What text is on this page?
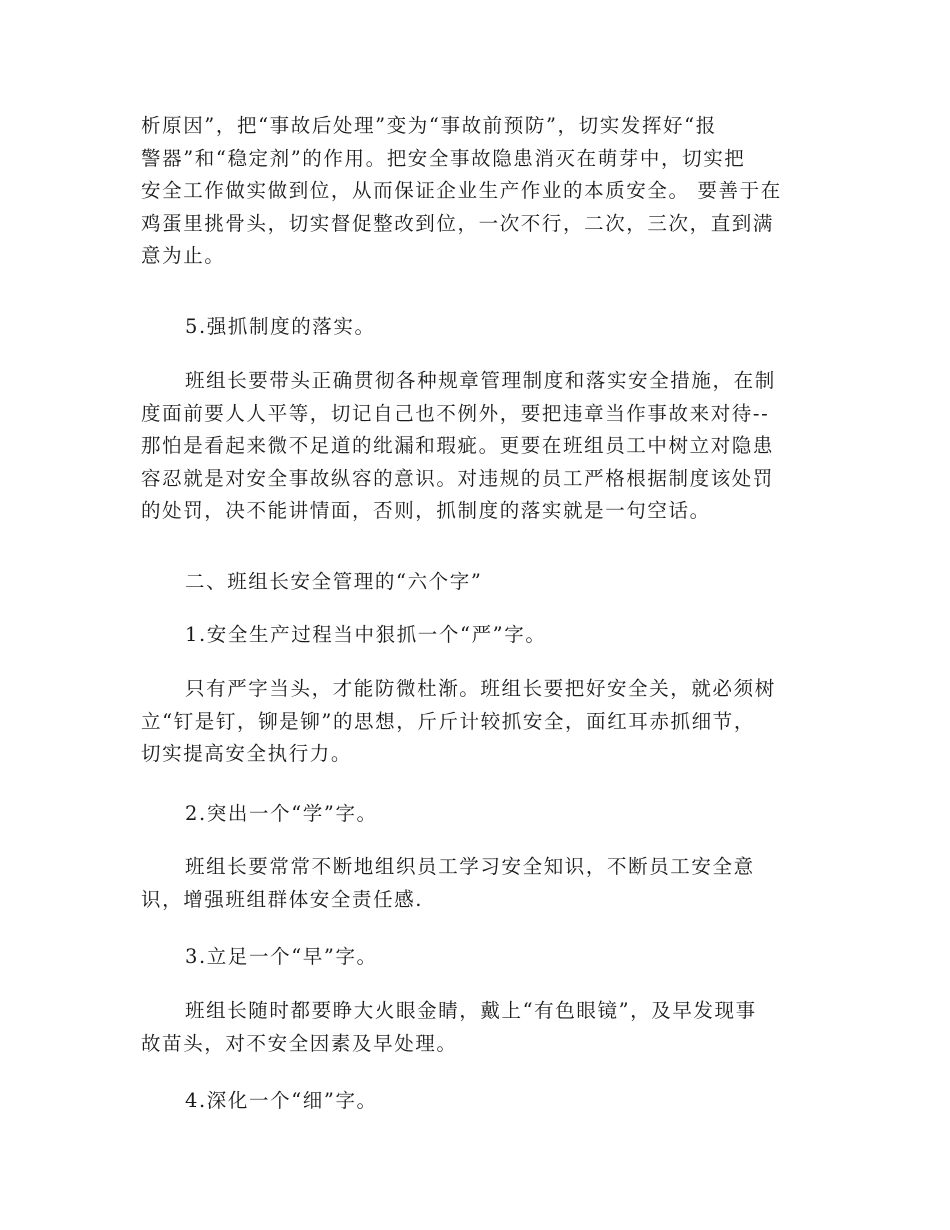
析原因”，把“事故后处理”变为“事故前预防”，切实发挥好“报
警器”和“稳定剂”的作用。把安全事故隐患消灭在萌芽中，切实把
安全工作做实做到位，从而保证企业生产作业的本质安全。 要善于在
鸡蛋里挑骨头，切实督促整改到位，一次不行，二次，三次，直到满
意为止。

5.强抓制度的落实。

班组长要带头正确贯彻各种规章管理制度和落实安全措施，在制
度面前要人人平等，切记自己也不例外，要把违章当作事故来对待--
那怕是看起来微不足道的纰漏和瑕疵。更要在班组员工中树立对隐患
容忍就是对安全事故纵容的意识。对违规的员工严格根据制度该处罚
的处罚，决不能讲情面，否则，抓制度的落实就是一句空话。

二、班组长安全管理的“六个字”

1.安全生产过程当中狠抓一个“严”字。

只有严字当头，才能防微杜渐。班组长要把好安全关，就必须树
立“钉是钉，铆是铆”的思想，斤斤计较抓安全，面红耳赤抓细节，
切实提高安全执行力。

2.突出一个“学”字。

班组长要常常不断地组织员工学习安全知识，不断员工安全意
识，增强班组群体安全责任感.

3.立足一个“早”字。

班组长随时都要睁大火眼金睛，戴上“有色眼镜”，及早发现事
故苗头，对不安全因素及早处理。

4.深化一个“细”字。
